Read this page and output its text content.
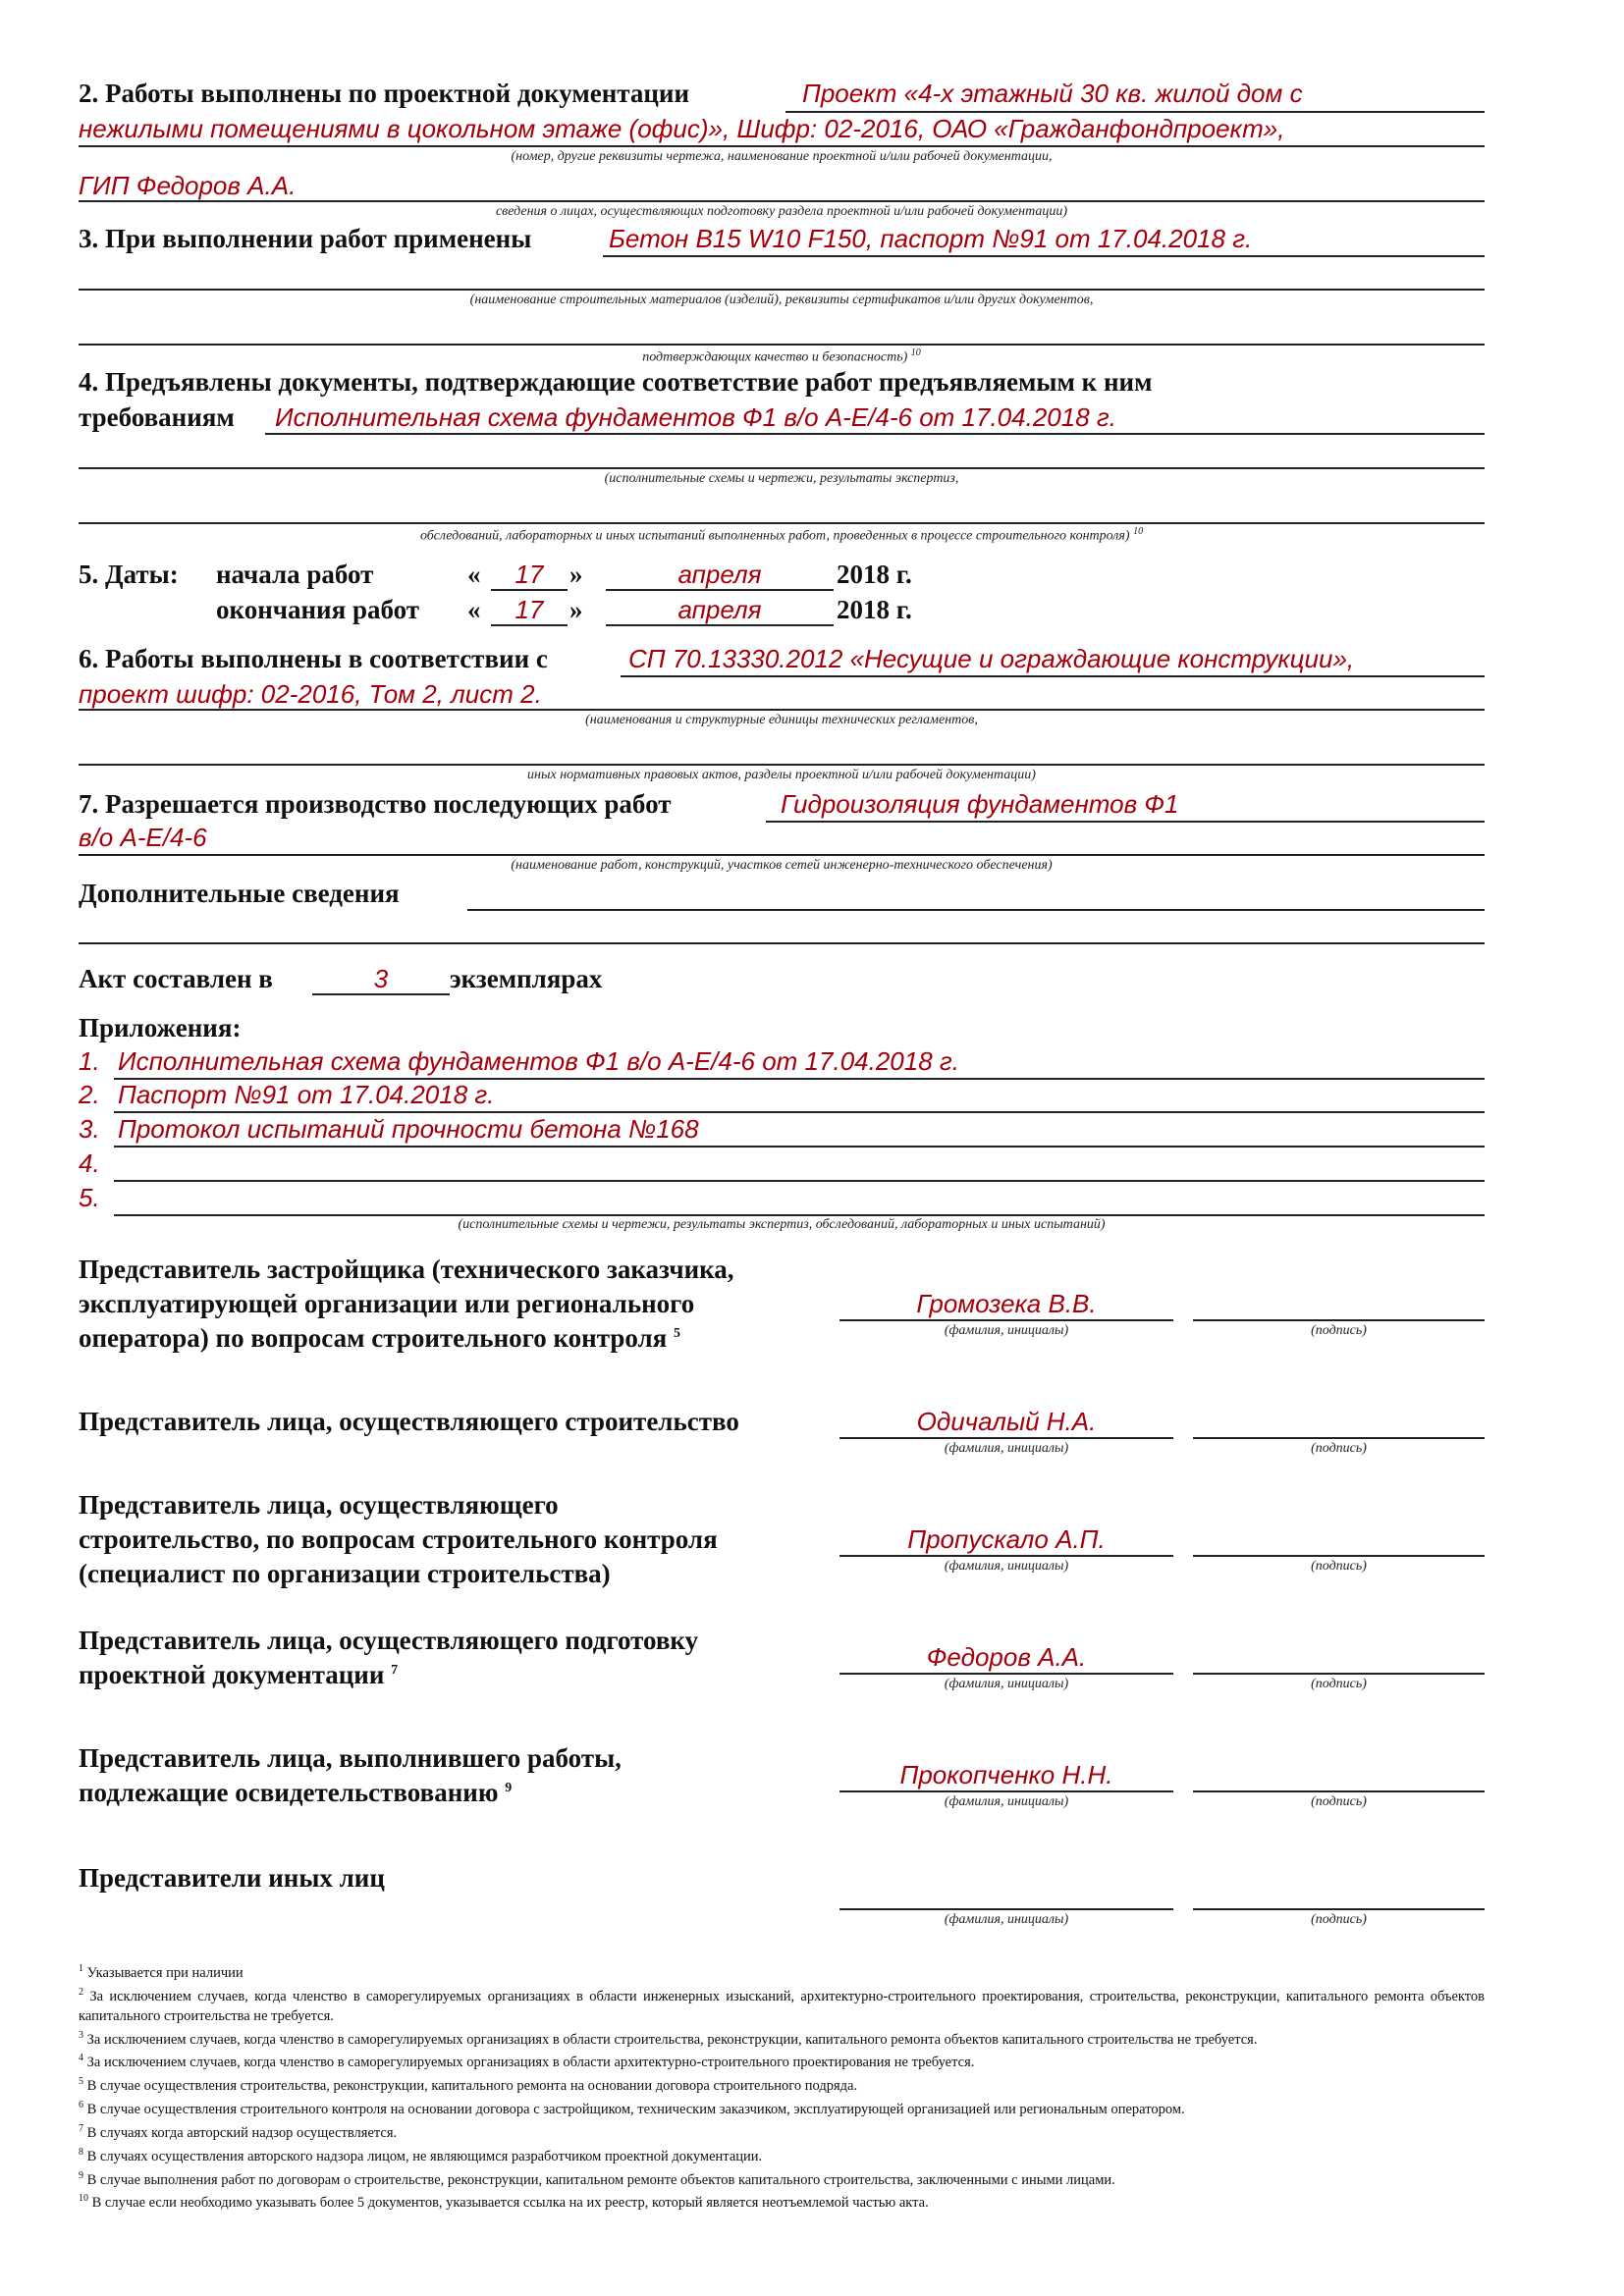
2. Работы выполнены по проектной документации	Проект «4-х этажный 30 кв. жилой дом с
нежилыми помещениями в цокольном этаже (офис)», Шифр: 02-2016, ОАО «Гражданфондпроект»,
(номер, другие реквизиты чертежа, наименование проектной и/или рабочей документации,
ГИП Федоров А.А.
сведения о лицах, осуществляющих подготовку раздела проектной и/или рабочей документации)
3. При выполнении работ применены	Бетон B15 W10 F150, паспорт №91 от 17.04.2018 г.
(наименование строительных материалов (изделий), реквизиты сертификатов и/или других документов,
подтверждающих качество и безопасность) $^{10}$
4. Предъявлены документы, подтверждающие соответствие работ предъявляемым к ним
требованиям Исполнительная схема фундаментов Ф1 в/о А-Е/4-6 от 17.04.2018 г.
(исполнительные схемы и чертежи, результаты экспертиз,
обследований, лабораторных и иных испытаний выполненных работ, проведенных в процессе строительного контроля) $^{10}$
5. Даты: начала работ	«	17 »	апреля	2018 г.
окончания работ «	17 »	апреля	2018 г.
6. Работы выполнены в соответствии с	СП 70.13330.2012 «Несущие и ограждающие конструкции»,
проект шифр: 02-2016, Том 2, лист 2.
(наименования и структурные единицы технических регламентов,
иных нормативных правовых актов, разделы проектной и/или рабочей документации)
7. Разрешается производство последующих работ	Гидроизоляция фундаментов Ф1
в/о А-Е/4-6
(наименование работ, конструкций, участков сетей инженерно-технического обеспечения)
Дополнительные сведения
Акт составлен в	3	экземплярах
Приложения:
1. Исполнительная схема фундаментов Ф1 в/о А-Е/4-6 от 17.04.2018 г.
2. Паспорт №91 от 17.04.2018 г.
3. Протокол испытаний прочности бетона №168
4.
5.
(исполнительные схемы и чертежи, результаты экспертиз, обследований, лабораторных и иных испытаний)
Представитель застройщика (технического заказчика,
эксплуатирующей организации или регионального
оператора) по вопросам строительного контроля $^5$
Громозека В.В.
(фамилия, инициалы)	(подпись)
Представитель лица, осуществляющего строительство	Одичалый Н.А.
(фамилия, инициалы)	(подпись)
Представитель лица, осуществляющего
строительство, по вопросам строительного контроля
(специалист по организации строительства)
Пропускало А.П.
(фамилия, инициалы)	(подпись)
Представитель лица, осуществляющего подготовку
проектной документации $^7$	Федоров А.А.
(фамилия, инициалы)	(подпись)
Представитель лица, выполнившего работы,
подлежащие освидетельствованию $^9$	Прокопченко Н.Н.
(фамилия, инициалы)	(подпись)
Представители иных лиц
(фамилия, инициалы)	(подпись)
$^1$ Указывается при наличии
$^2$ За исключением случаев, когда членство в саморегулируемых организациях в области инженерных изысканий, архитектурно-строительного проектирования, строительства, реконструкции, капитального ремонта объектов капитального строительства не требуется.
$^3$ За исключением случаев, когда членство в саморегулируемых организациях в области строительства, реконструкции, капитального ремонта объектов капитального строительства не требуется.
$^4$ За исключением случаев, когда членство в саморегулируемых организациях в области архитектурно-строительного проектирования не требуется.
$^5$ В случае осуществления строительства, реконструкции, капитального ремонта на основании договора строительного подряда.
$^6$ В случае осуществления строительного контроля на основании договора с застройщиком, техническим заказчиком, эксплуатирующей организацией или региональным оператором.
$^7$ В случаях когда авторский надзор осуществляется.
$^8$ В случаях осуществления авторского надзора лицом, не являющимся разработчиком проектной документации.
$^9$ В случае выполнения работ по договорам о строительстве, реконструкции, капитальном ремонте объектов капитального строительства, заключенными с иными лицами.
$^{10}$ В случае если необходимо указывать более 5 документов, указывается ссылка на их реестр, который является неотъемлемой частью акта.
